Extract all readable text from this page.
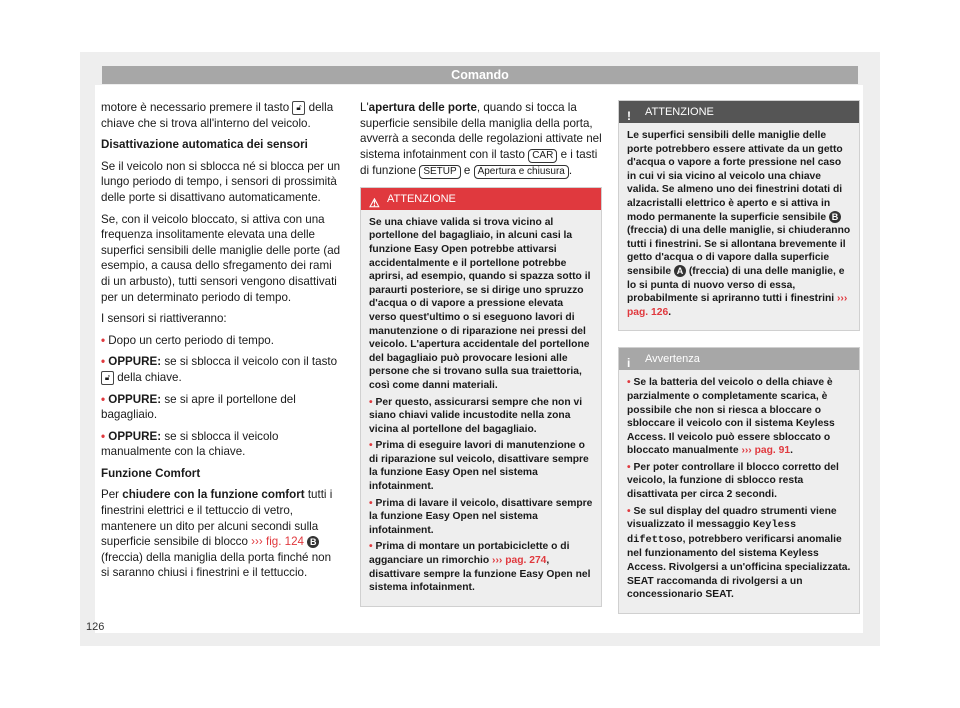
Comando

motore è necessario premere il tasto 🔓︎ della chiave che si trova all'interno del veicolo.

Disattivazione automatica dei sensori

Se il veicolo non si sblocca né si blocca per un lungo periodo di tempo, i sensori di prossimità delle porte si disattivano automaticamente.

Se, con il veicolo bloccato, si attiva con una frequenza insolitamente elevata una delle superfici sensibili delle maniglie delle porte (ad esempio, a causa dello sfregamento dei rami di un arbusto), tutti sensori vengono disattivati per un determinato periodo di tempo.

I sensori si riattiveranno:

• Dopo un certo periodo di tempo.

• OPPURE: se si sblocca il veicolo con il tasto 🔓︎ della chiave.

• OPPURE: se si apre il portellone del bagagliaio.

• OPPURE: se si sblocca il veicolo manualmente con la chiave.

Funzione Comfort

Per chiudere con la funzione comfort tutti i finestrini elettrici e il tettuccio di vetro, mantenere un dito per alcuni secondi sulla superficie sensibile di blocco ››› fig. 124 B (freccia) della maniglia della porta finché non si saranno chiusi i finestrini e il tettuccio.

L'apertura delle porte, quando si tocca la superficie sensibile della maniglia della porta, avverrà a seconda delle regolazioni attivate nel sistema infotainment con il tasto CAR e i tasti di funzione SETUP e Apertura e chiusura .

⚠ ATTENZIONE

Se una chiave valida si trova vicino al portellone del bagagliaio, in alcuni casi la funzione Easy Open potrebbe attivarsi accidentalmente e il portellone potrebbe aprirsi, ad esempio, quando si spazza sotto il paraurti posteriore, se si dirige uno spruzzo d'acqua o di vapore a pressione elevata verso quest'ultimo o si eseguono lavori di manutenzione o di riparazione nei pressi del veicolo. L'apertura accidentale del portellone del bagagliaio può provocare lesioni alle persone che si trovano sulla sua traiettoria, così come danni materiali.

• Per questo, assicurarsi sempre che non vi siano chiavi valide incustodite nella zona vicina al portellone del bagagliaio.

• Prima di eseguire lavori di manutenzione o di riparazione sul veicolo, disattivare sempre la funzione Easy Open nel sistema infotainment.

• Prima di lavare il veicolo, disattivare sempre la funzione Easy Open nel sistema infotainment.

• Prima di montare un portabiciclette o di agganciare un rimorchio ››› pag. 274, disattivare sempre la funzione Easy Open nel sistema infotainment.

! ATTENZIONE

Le superfici sensibili delle maniglie delle porte potrebbero essere attivate da un getto d'acqua o vapore a forte pressione nel caso in cui vi sia vicino al veicolo una chiave valida. Se almeno uno dei finestrini dotati di alzacristalli elettrico è aperto e si attiva in modo permanente la superficie sensibile B (freccia) di una delle maniglie, si chiuderanno tutti i finestrini. Se si allontana brevemente il getto d'acqua o di vapore dalla superficie sensibile A (freccia) di una delle maniglie, e lo si punta di nuovo verso di essa, probabilmente si apriranno tutti i finestrini ››› pag. 126.

i Avvertenza

• Se la batteria del veicolo o della chiave è parzialmente o completamente scarica, è possibile che non si riesca a bloccare o sbloccare il veicolo con il sistema Keyless Access. Il veicolo può essere sbloccato o bloccato manualmente ››› pag. 91.

• Per poter controllare il blocco corretto del veicolo, la funzione di sblocco resta disattivata per circa 2 secondi.

• Se sul display del quadro strumenti viene visualizzato il messaggio Keyless difettoso, potrebbero verificarsi anomalie nel funzionamento del sistema Keyless Access. Rivolgersi a un'officina specializzata. SEAT raccomanda di rivolgersi a un concessionario SEAT.

126
